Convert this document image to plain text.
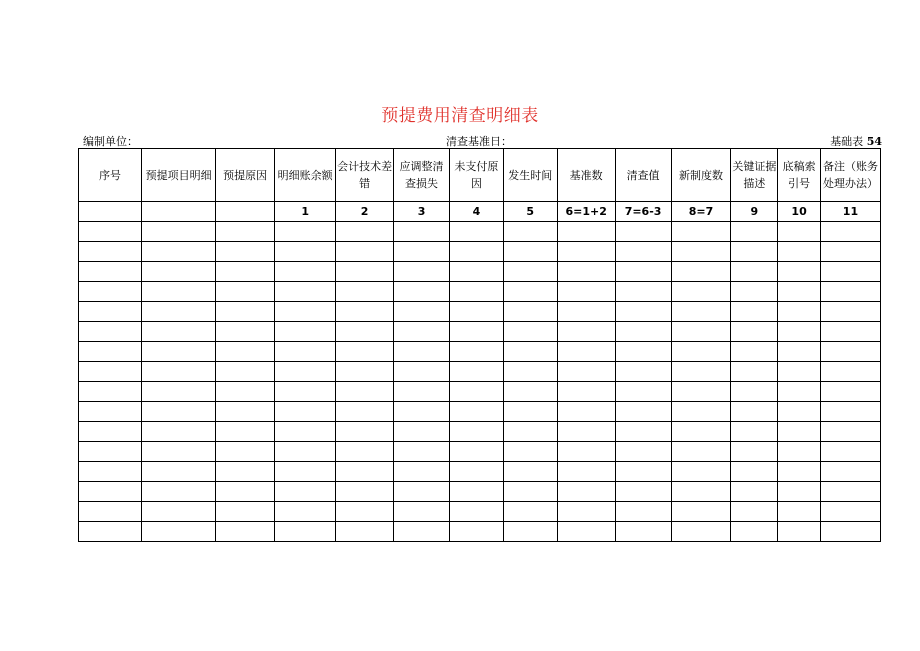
预提费用清查明细表
编制单位：	清查基准日：	基础表 54
序号	预提项目明细	预提原因	明细账余额	会计技术差错	应调整清查损失	未支付原因	发生时间	基准数	清查值	新制度数	关键证据描述	底稿索引号	备注（账务处理办法）
			1	2	3	4	5	6=1+2	7=6-3	8=7	9	10	11
